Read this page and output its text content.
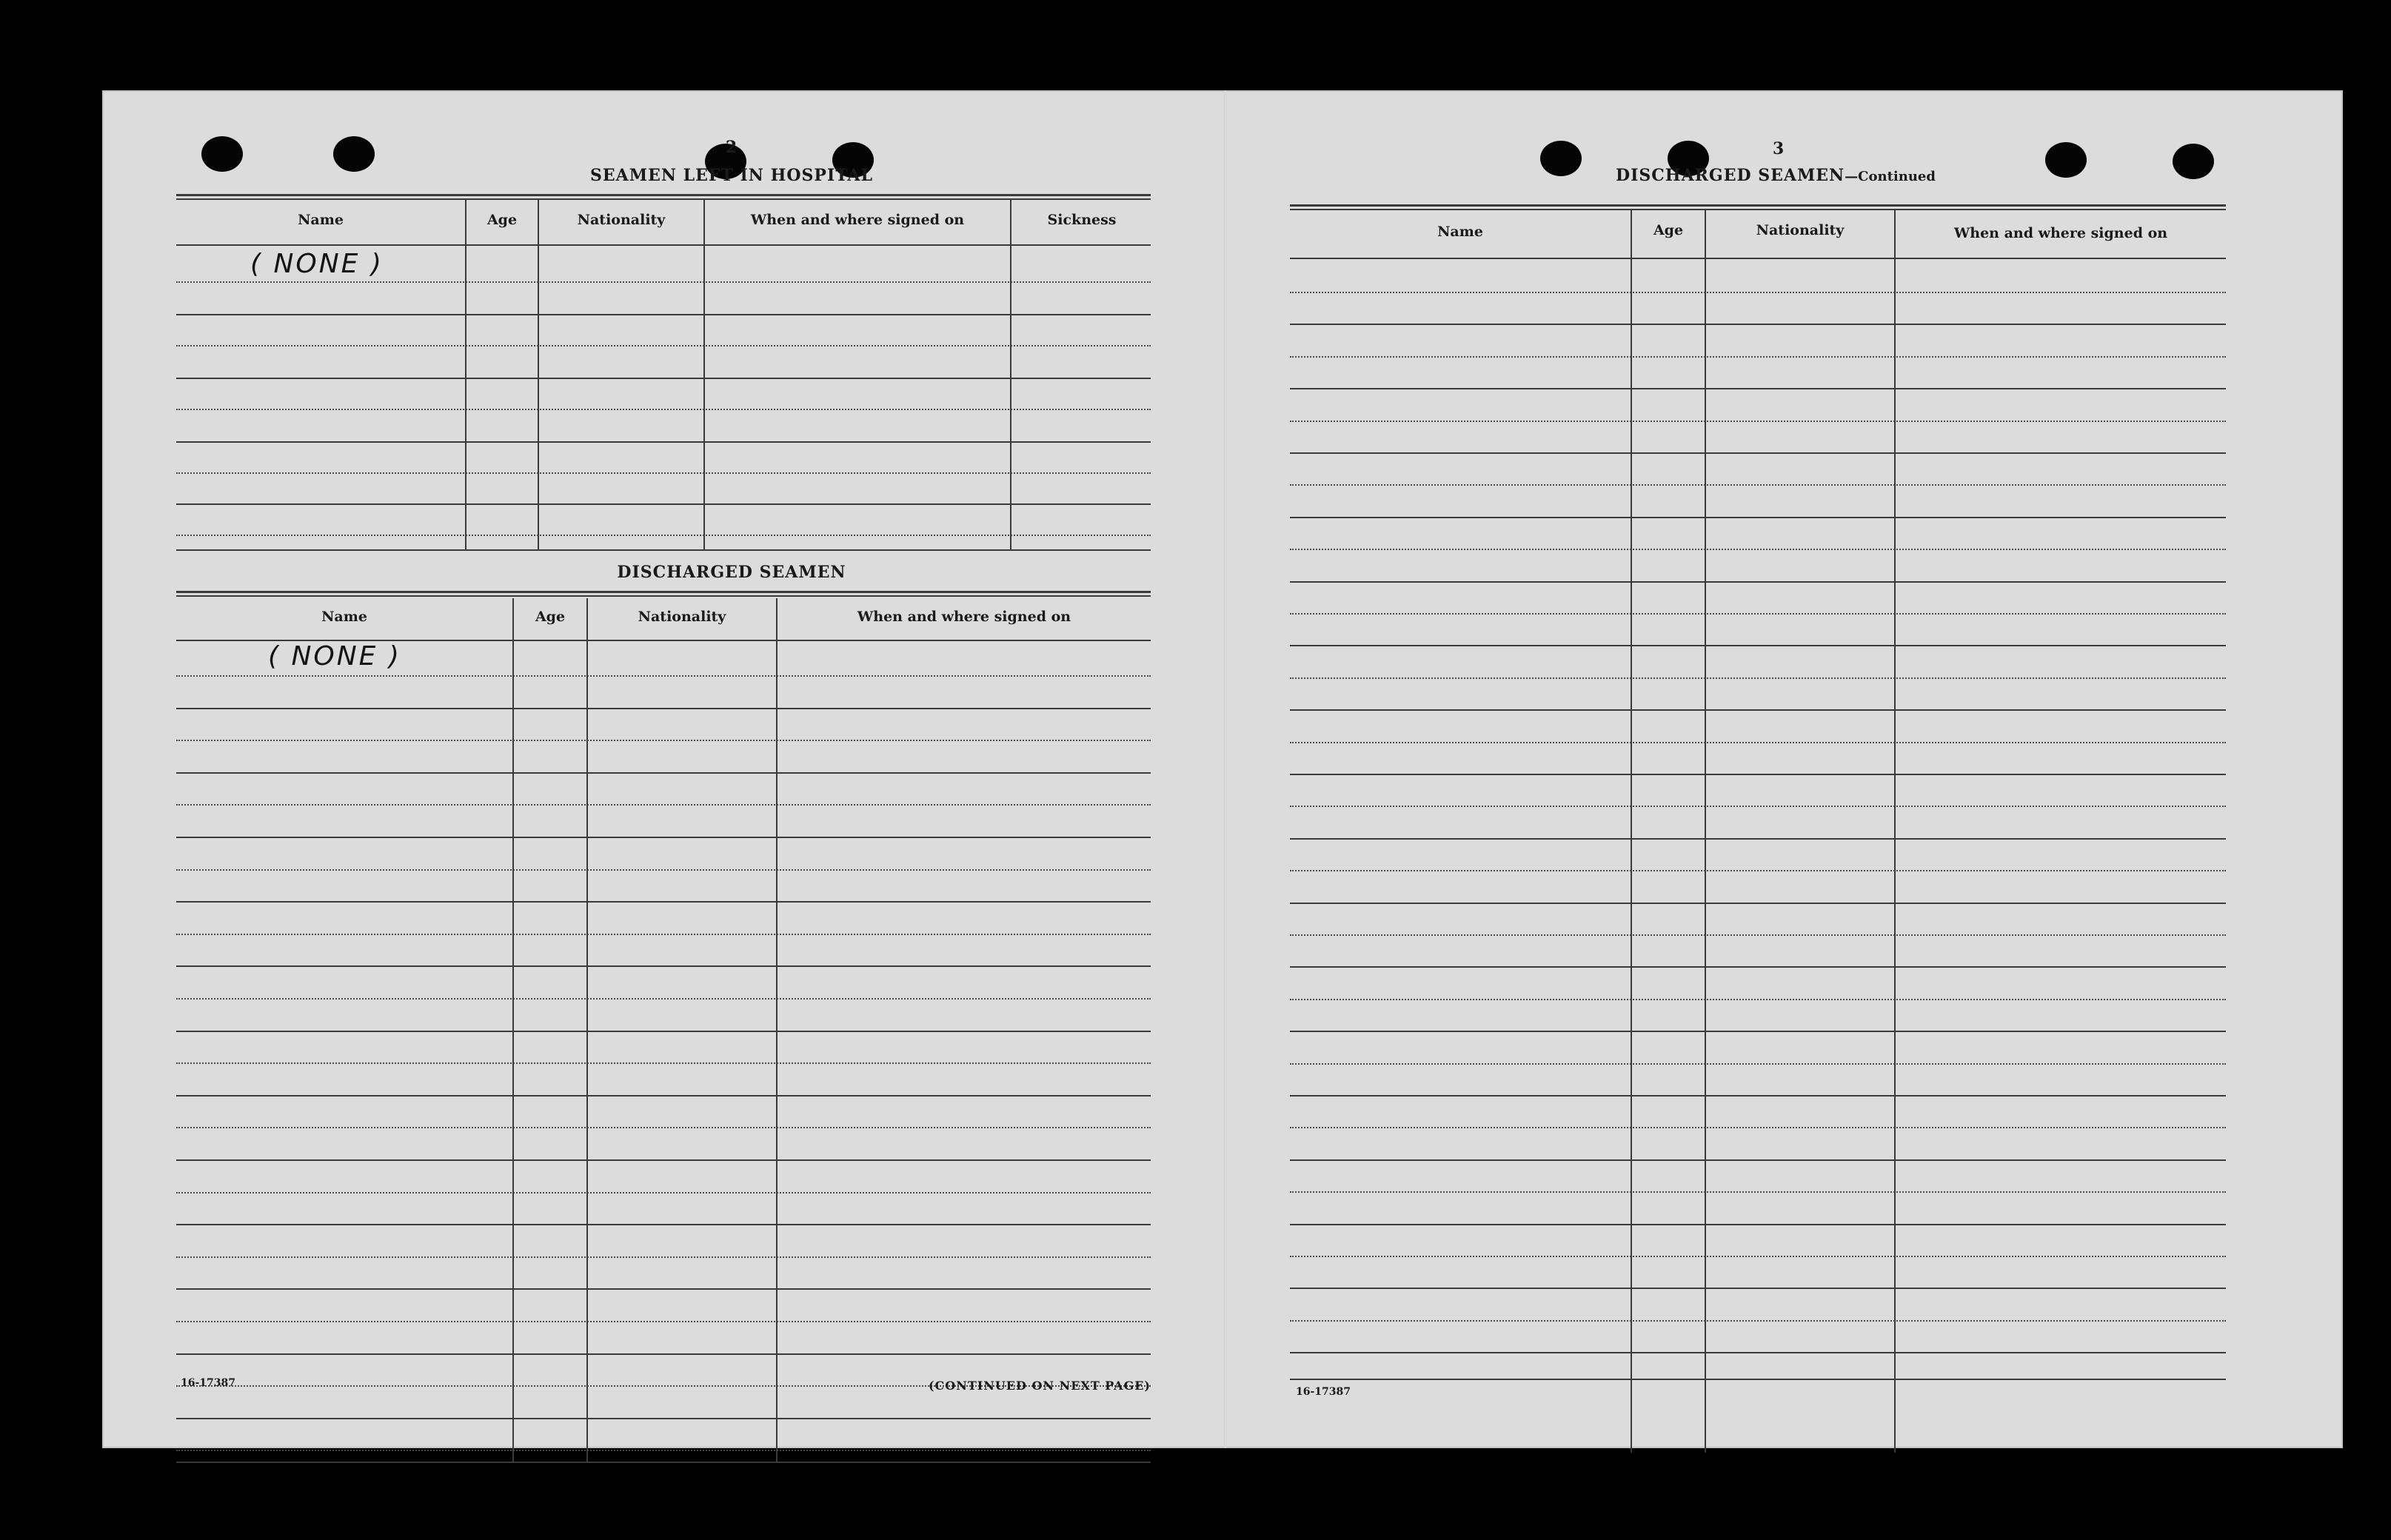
2
SEAMEN LEFT IN HOSPITAL
Name	Age	Nationality	When and where signed on	Sickness
( NONE )
DISCHARGED SEAMEN
Name	Age	Nationality	When and where signed on
( NONE )
16-17387	(CONTINUED ON NEXT PAGE)
3
DISCHARGED SEAMEN—Continued
Name	Age	Nationality	When and where signed on
16-17387
